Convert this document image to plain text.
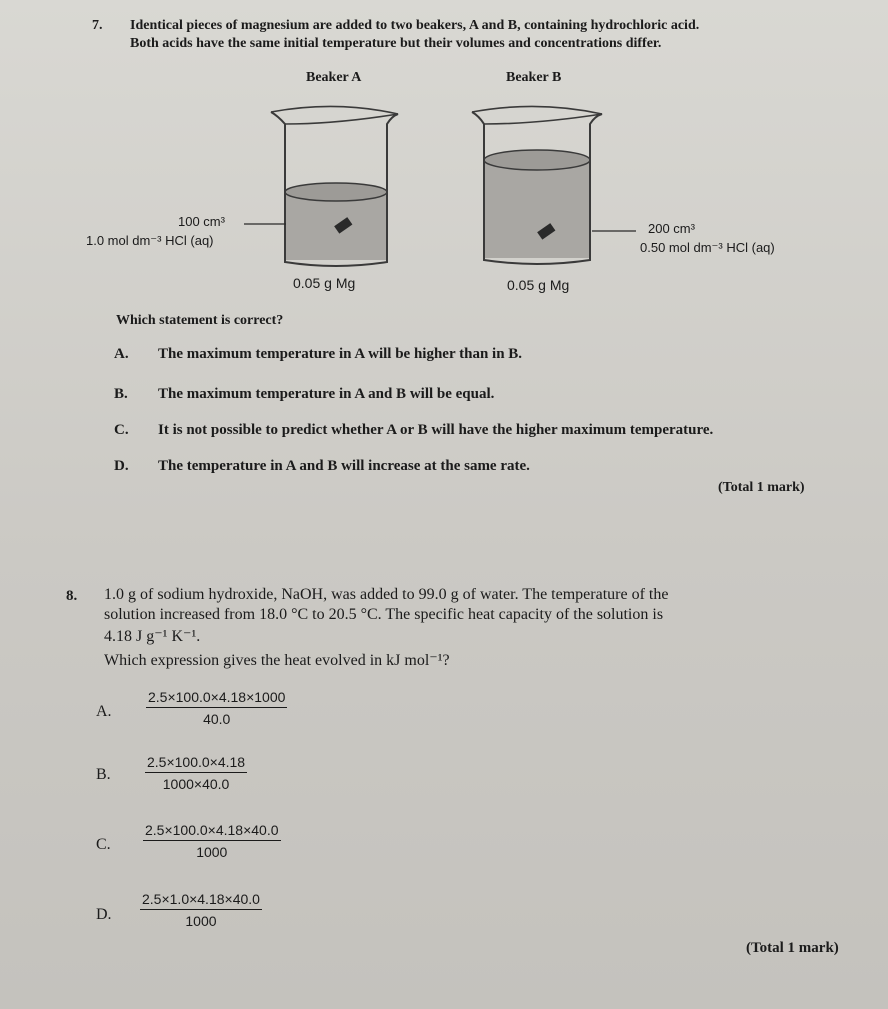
7. Identical pieces of magnesium are added to two beakers, A and B, containing hydrochloric acid.
Both acids have the same initial temperature but their volumes and concentrations differ.
Beaker A	Beaker B
100 cm³
1.0 mol dm⁻³ HCl (aq)
0.05 g Mg
200 cm³
0.50 mol dm⁻³ HCl (aq)
0.05 g Mg
Which statement is correct?
A. The maximum temperature in A will be higher than in B.
B. The maximum temperature in A and B will be equal.
C. It is not possible to predict whether A or B will have the higher maximum temperature.
D. The temperature in A and B will increase at the same rate.
(Total 1 mark)
8. 1.0 g of sodium hydroxide, NaOH, was added to 99.0 g of water. The temperature of the
solution increased from 18.0 °C to 20.5 °C. The specific heat capacity of the solution is
4.18 J g⁻¹ K⁻¹.
Which expression gives the heat evolved in kJ mol⁻¹?
A. $\frac{2.5\times 100.0\times 4.18\times 1000}{40.0}$
B. $\frac{2.5\times 100.0\times 4.18}{1000\times 40.0}$
C. $\frac{2.5\times 100.0\times 4.18\times 40.0}{1000}$
D. $\frac{2.5\times 1.0\times 4.18\times 40.0}{1000}$
(Total 1 mark)
